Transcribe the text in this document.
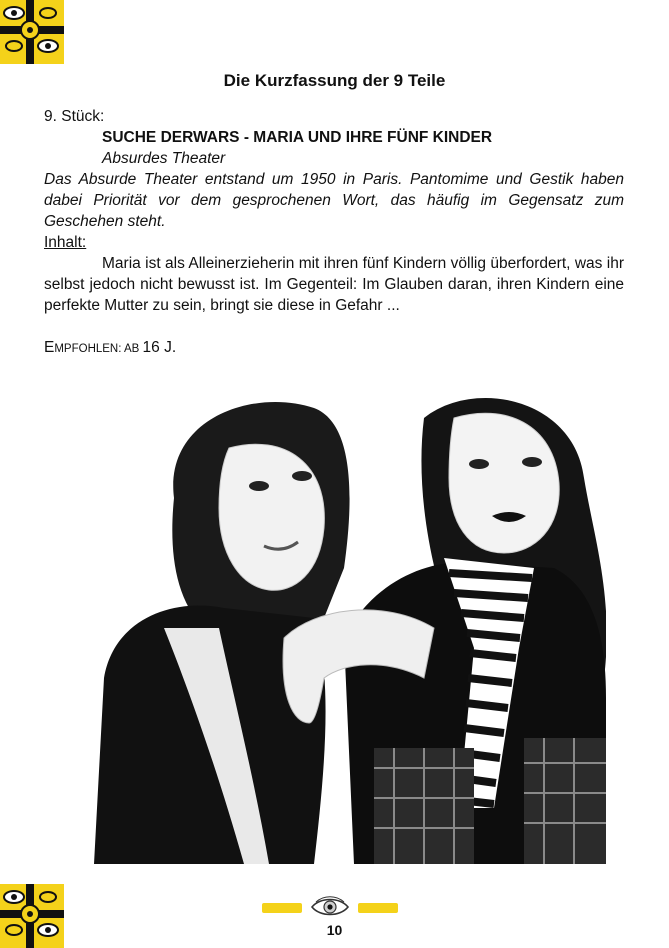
Die Kurzfassung der 9 Teile

9. Stück:

SUCHE DERWARS - MARIA UND IHRE FÜNF KINDER

Absurdes Theater

Das Absurde Theater entstand um 1950 in Paris. Pantomime und Gestik haben dabei Priorität vor dem gesprochenen Wort, das häufig im Gegensatz zum Geschehen steht.

Inhalt:

Maria ist als Alleinerzieherin mit ihren fünf Kindern völlig überfordert, was ihr selbst jedoch nicht bewusst ist. Im Gegenteil: Im Glauben daran, ihren Kindern eine perfekte Mutter zu sein, bringt sie diese in Gefahr ...

EMPFOHLEN: AB 16 J.

10
